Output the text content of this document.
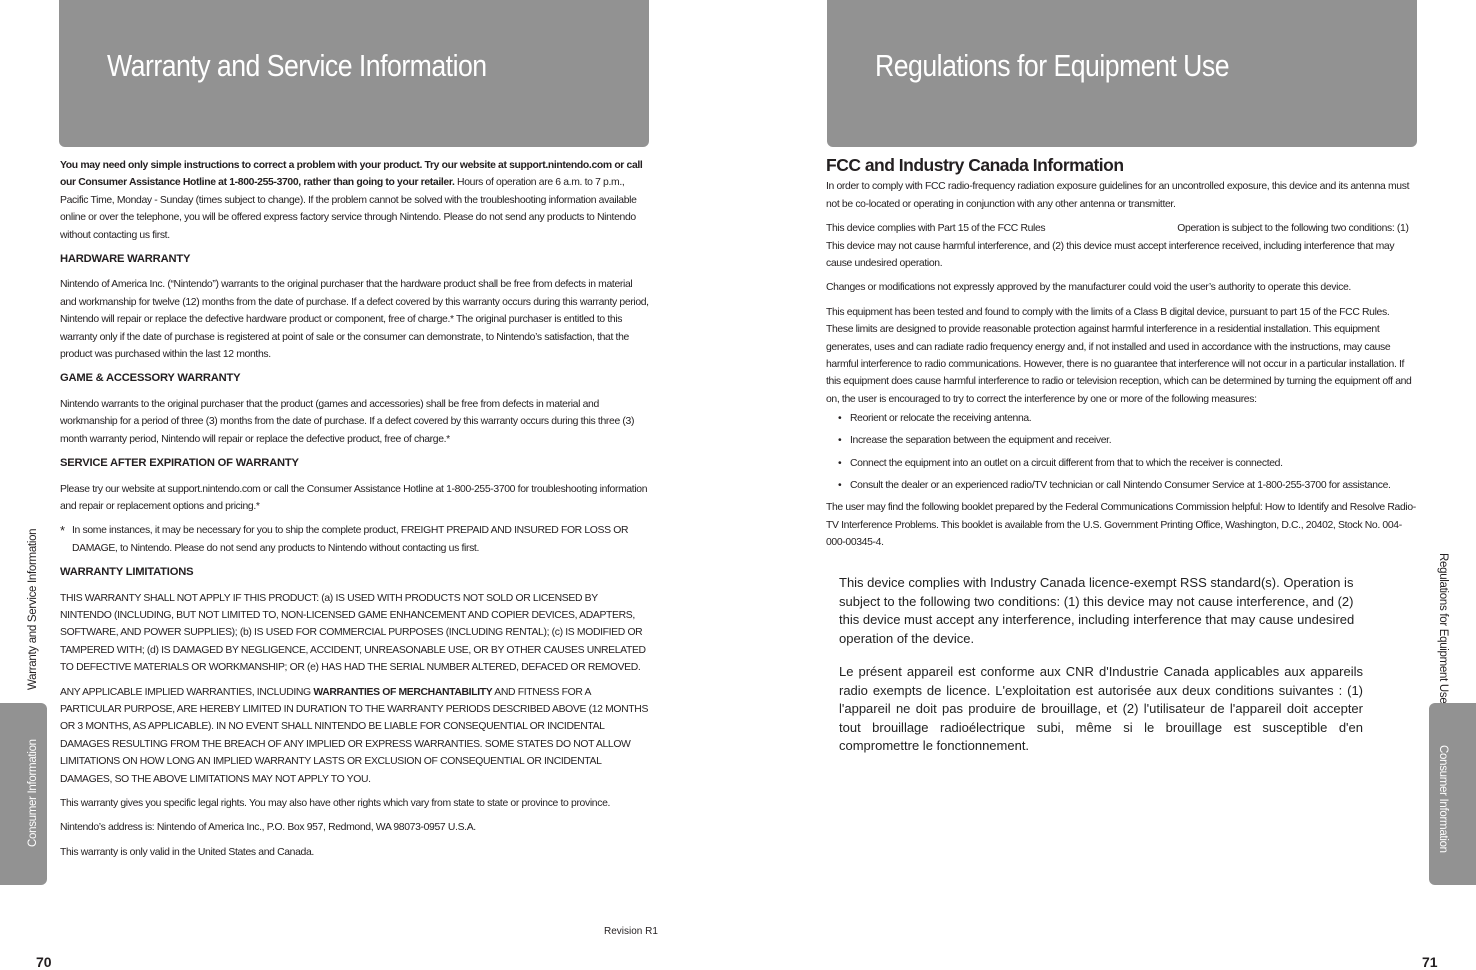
Warranty and Service Information

You may need only simple instructions to correct a problem with your product. Try our website at support.nintendo.com or call our Consumer Assistance Hotline at 1-800-255-3700, rather than going to your retailer. Hours of operation are 6 a.m. to 7 p.m., Pacific Time, Monday - Sunday (times subject to change). If the problem cannot be solved with the troubleshooting information available online or over the telephone, you will be offered express factory service through Nintendo. Please do not send any products to Nintendo without contacting us first.

HARDWARE WARRANTY

Nintendo of America Inc. (“Nintendo”) warrants to the original purchaser that the hardware product shall be free from defects in material and workmanship for twelve (12) months from the date of purchase. If a defect covered by this warranty occurs during this warranty period, Nintendo will repair or replace the defective hardware product or component, free of charge.* The original purchaser is entitled to this warranty only if the date of purchase is registered at point of sale or the consumer can demonstrate, to Nintendo’s satisfaction, that the product was purchased within the last 12 months.

GAME & ACCESSORY WARRANTY

Nintendo warrants to the original purchaser that the product (games and accessories) shall be free from defects in material and workmanship for a period of three (3) months from the date of purchase. If a defect covered by this warranty occurs during this three (3) month warranty period, Nintendo will repair or replace the defective product, free of charge.*

SERVICE AFTER EXPIRATION OF WARRANTY

Please try our website at support.nintendo.com or call the Consumer Assistance Hotline at 1-800-255-3700 for troubleshooting information and repair or replacement options and pricing.*

* In some instances, it may be necessary for you to ship the complete product, FREIGHT PREPAID AND INSURED FOR LOSS OR DAMAGE, to Nintendo. Please do not send any products to Nintendo without contacting us first.
WARRANTY LIMITATIONS

THIS WARRANTY SHALL NOT APPLY IF THIS PRODUCT: (a) IS USED WITH PRODUCTS NOT SOLD OR LICENSED BY NINTENDO (INCLUDING, BUT NOT LIMITED TO, NON-LICENSED GAME ENHANCEMENT AND COPIER DEVICES, ADAPTERS, SOFTWARE, AND POWER SUPPLIES); (b) IS USED FOR COMMERCIAL PURPOSES (INCLUDING RENTAL); (c) IS MODIFIED OR TAMPERED WITH; (d) IS DAMAGED BY NEGLIGENCE, ACCIDENT, UNREASONABLE USE, OR BY OTHER CAUSES UNRELATED TO DEFECTIVE MATERIALS OR WORKMANSHIP; OR (e) HAS HAD THE SERIAL NUMBER ALTERED, DEFACED OR REMOVED.

ANY APPLICABLE IMPLIED WARRANTIES, INCLUDING WARRANTIES OF MERCHANTABILITY AND FITNESS FOR A PARTICULAR PURPOSE, ARE HEREBY LIMITED IN DURATION TO THE WARRANTY PERIODS DESCRIBED ABOVE (12 MONTHS OR 3 MONTHS, AS APPLICABLE). IN NO EVENT SHALL NINTENDO BE LIABLE FOR CONSEQUENTIAL OR INCIDENTAL DAMAGES RESULTING FROM THE BREACH OF ANY IMPLIED OR EXPRESS WARRANTIES. SOME STATES DO NOT ALLOW LIMITATIONS ON HOW LONG AN IMPLIED WARRANTY LASTS OR EXCLUSION OF CONSEQUENTIAL OR INCIDENTAL DAMAGES, SO THE ABOVE LIMITATIONS MAY NOT APPLY TO YOU.

This warranty gives you specific legal rights. You may also have other rights which vary from state to state or province to province.

Nintendo’s address is: Nintendo of America Inc., P.O. Box 957, Redmond, WA 98073-0957 U.S.A.

This warranty is only valid in the United States and Canada.

Warranty and Service Information
Consumer Information
Revision R1
70
Regulations for Equipment Use
FCC and Industry Canada Information

In order to comply with FCC radio-frequency radiation exposure guidelines for an uncontrolled exposure, this device and its antenna must not be co-located or operating in conjunction with any other antenna or transmitter.

This device complies with Part 15 of the FCC Rules	Operation is subject to the following two conditions: (1) This device may not cause harmful interference, and (2) this device must accept interference received, including interference that may cause undesired operation.

Changes or modifications not expressly approved by the manufacturer could void the user’s authority to operate this device.

This equipment has been tested and found to comply with the limits of a Class B digital device, pursuant to part 15 of the FCC Rules. These limits are designed to provide reasonable protection against harmful interference in a residential installation. This equipment generates, uses and can radiate radio frequency energy and, if not installed and used in accordance with the instructions, may cause harmful interference to radio communications. However, there is no guarantee that interference will not occur in a particular installation. If this equipment does cause harmful interference to radio or television reception, which can be determined by turning the equipment off and on, the user is encouraged to try to correct the interference by one or more of the following measures:

• Reorient or relocate the receiving antenna.
• Increase the separation between the equipment and receiver.
• Connect the equipment into an outlet on a circuit different from that to which the receiver is connected.
• Consult the dealer or an experienced radio/TV technician or call Nintendo Consumer Service at 1-800-255-3700 for assistance.

The user may find the following booklet prepared by the Federal Communications Commission helpful: How to Identify and Resolve Radio-TV Interference Problems. This booklet is available from the U.S. Government Printing Office, Washington, D.C., 20402, Stock No. 004-000-00345-4.

This device complies with Industry Canada licence-exempt RSS standard(s). Operation is subject to the following two conditions: (1) this device may not cause interference, and (2) this device must accept any interference, including interference that may cause undesired operation of the device.

Le présent appareil est conforme aux CNR d'Industrie Canada applicables aux appareils radio exempts de licence. L'exploitation est autorisée aux deux conditions suivantes : (1) l'appareil ne doit pas produire de brouillage, et (2) l'utilisateur de l'appareil doit accepter tout brouillage radioélectrique subi, même si le brouillage est susceptible d'en compromettre le fonctionnement.

Regulations for Equipment Use
Consumer Information
71
